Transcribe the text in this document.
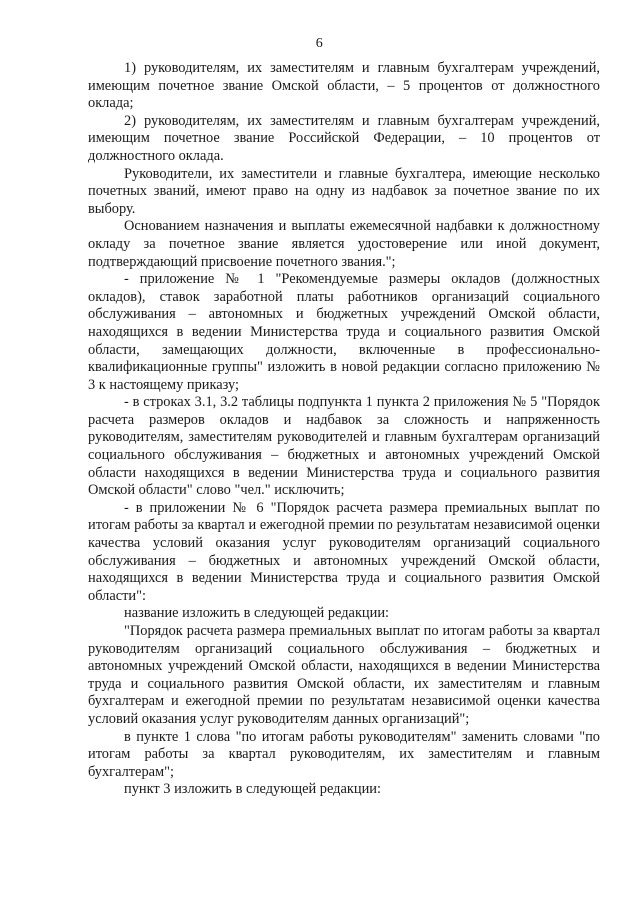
6

1) руководителям, их заместителям и главным бухгалтерам учреждений, имеющим почетное звание Омской области, – 5 процентов от должностного оклада;

2) руководителям, их заместителям и главным бухгалтерам учреждений, имеющим почетное звание Российской Федерации, – 10 процентов от должностного оклада.

Руководители, их заместители и главные бухгалтера, имеющие несколько почетных званий, имеют право на одну из надбавок за почетное звание по их выбору.

Основанием назначения и выплаты ежемесячной надбавки к должностному окладу за почетное звание является удостоверение или иной документ, подтверждающий присвоение почетного звания.";

- приложение № 1 "Рекомендуемые размеры окладов (должностных окладов), ставок заработной платы работников организаций социального обслуживания – автономных и бюджетных учреждений Омской области, находящихся в ведении Министерства труда и социального развития Омской области, замещающих должности, включенные в профессионально-квалификационные группы" изложить в новой редакции согласно приложению № 3 к настоящему приказу;

- в строках 3.1, 3.2 таблицы подпункта 1 пункта 2 приложения № 5 "Порядок расчета размеров окладов и надбавок за сложность и напряженность руководителям, заместителям руководителей и главным бухгалтерам организаций социального обслуживания – бюджетных и автономных учреждений Омской области находящихся в ведении Министерства труда и социального развития Омской области" слово "чел." исключить;

- в приложении № 6 "Порядок расчета размера премиальных выплат по итогам работы за квартал и ежегодной премии по результатам независимой оценки качества условий оказания услуг руководителям организаций социального обслуживания – бюджетных и автономных учреждений Омской области, находящихся в ведении Министерства труда и социального развития Омской области":

название изложить в следующей редакции:

"Порядок расчета размера премиальных выплат по итогам работы за квартал руководителям организаций социального обслуживания – бюджетных и автономных учреждений Омской области, находящихся в ведении Министерства труда и социального развития Омской области, их заместителям и главным бухгалтерам и ежегодной премии по результатам независимой оценки качества условий оказания услуг руководителям данных организаций";

в пункте 1 слова "по итогам работы руководителям" заменить словами "по итогам работы за квартал руководителям, их заместителям и главным бухгалтерам";

пункт 3 изложить в следующей редакции:
